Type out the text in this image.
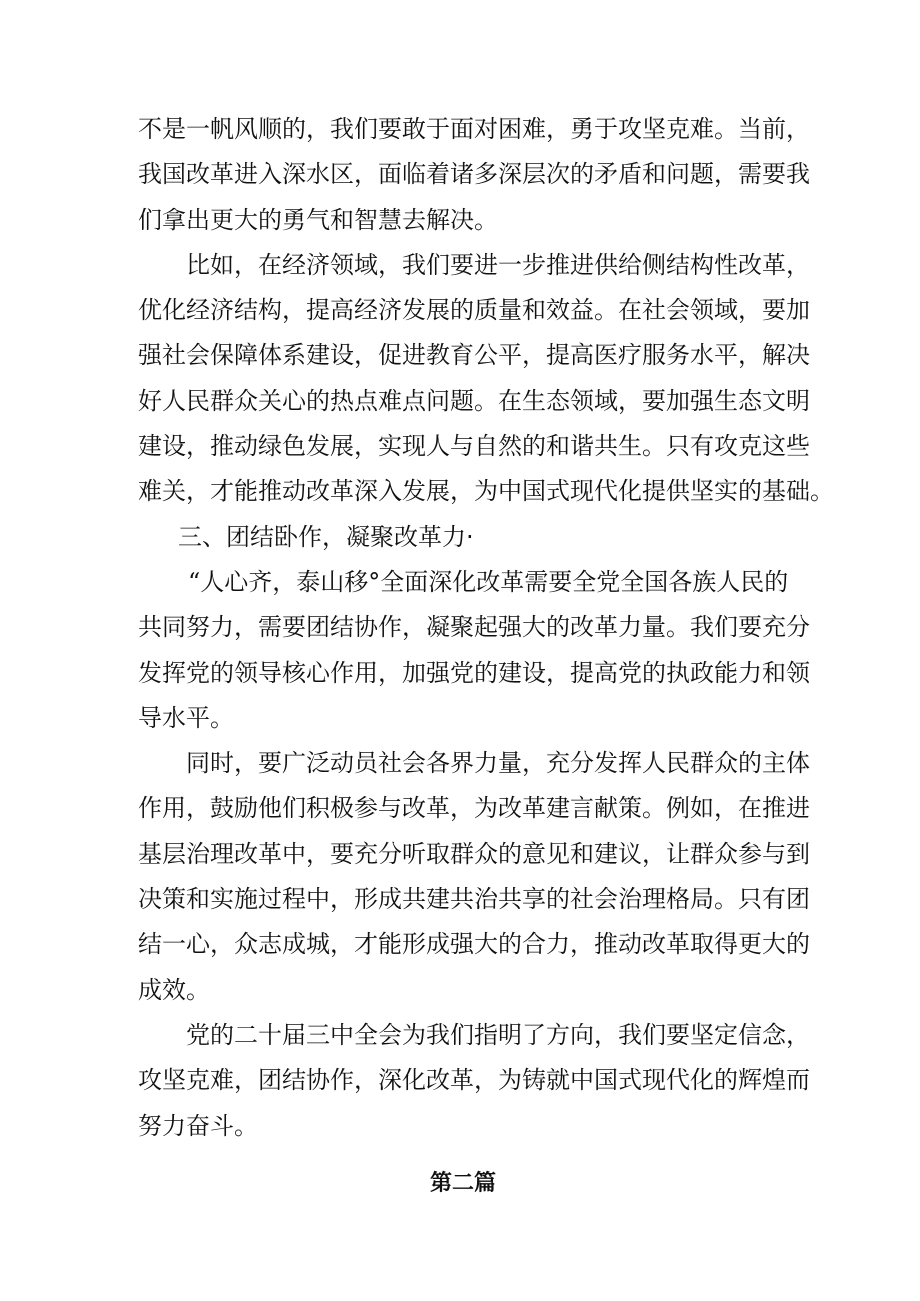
不是一帆风顺的，我们要敢于面对困难，勇于攻坚克难。当前，
我国改革进入深水区，面临着诸多深层次的矛盾和问题，需要我
们拿出更大的勇气和智慧去解决。
比如，在经济领域，我们要进一步推进供给侧结构性改革，
优化经济结构，提高经济发展的质量和效益。在社会领域，要加
强社会保障体系建设，促进教育公平，提高医疗服务水平，解决
好人民群众关心的热点难点问题。在生态领域，要加强生态文明
建设，推动绿色发展，实现人与自然的和谐共生。只有攻克这些
难关，才能推动改革深入发展，为中国式现代化提供坚实的基础。
三、团结卧作，凝聚改革力·
“人心齐，泰山移°全面深化改革需要全党全国各族人民的
共同努力，需要团结协作，凝聚起强大的改革力量。我们要充分
发挥党的领导核心作用，加强党的建设，提高党的执政能力和领
导水平。
同时，要广泛动员社会各界力量，充分发挥人民群众的主体
作用，鼓励他们积极参与改革，为改革建言献策。例如，在推进
基层治理改革中，要充分听取群众的意见和建议，让群众参与到
决策和实施过程中，形成共建共治共享的社会治理格局。只有团
结一心，众志成城，才能形成强大的合力，推动改革取得更大的
成效。
党的二十届三中全会为我们指明了方向，我们要坚定信念，
攻坚克难，团结协作，深化改革，为铸就中国式现代化的辉煌而
努力奋斗。
第二篇
